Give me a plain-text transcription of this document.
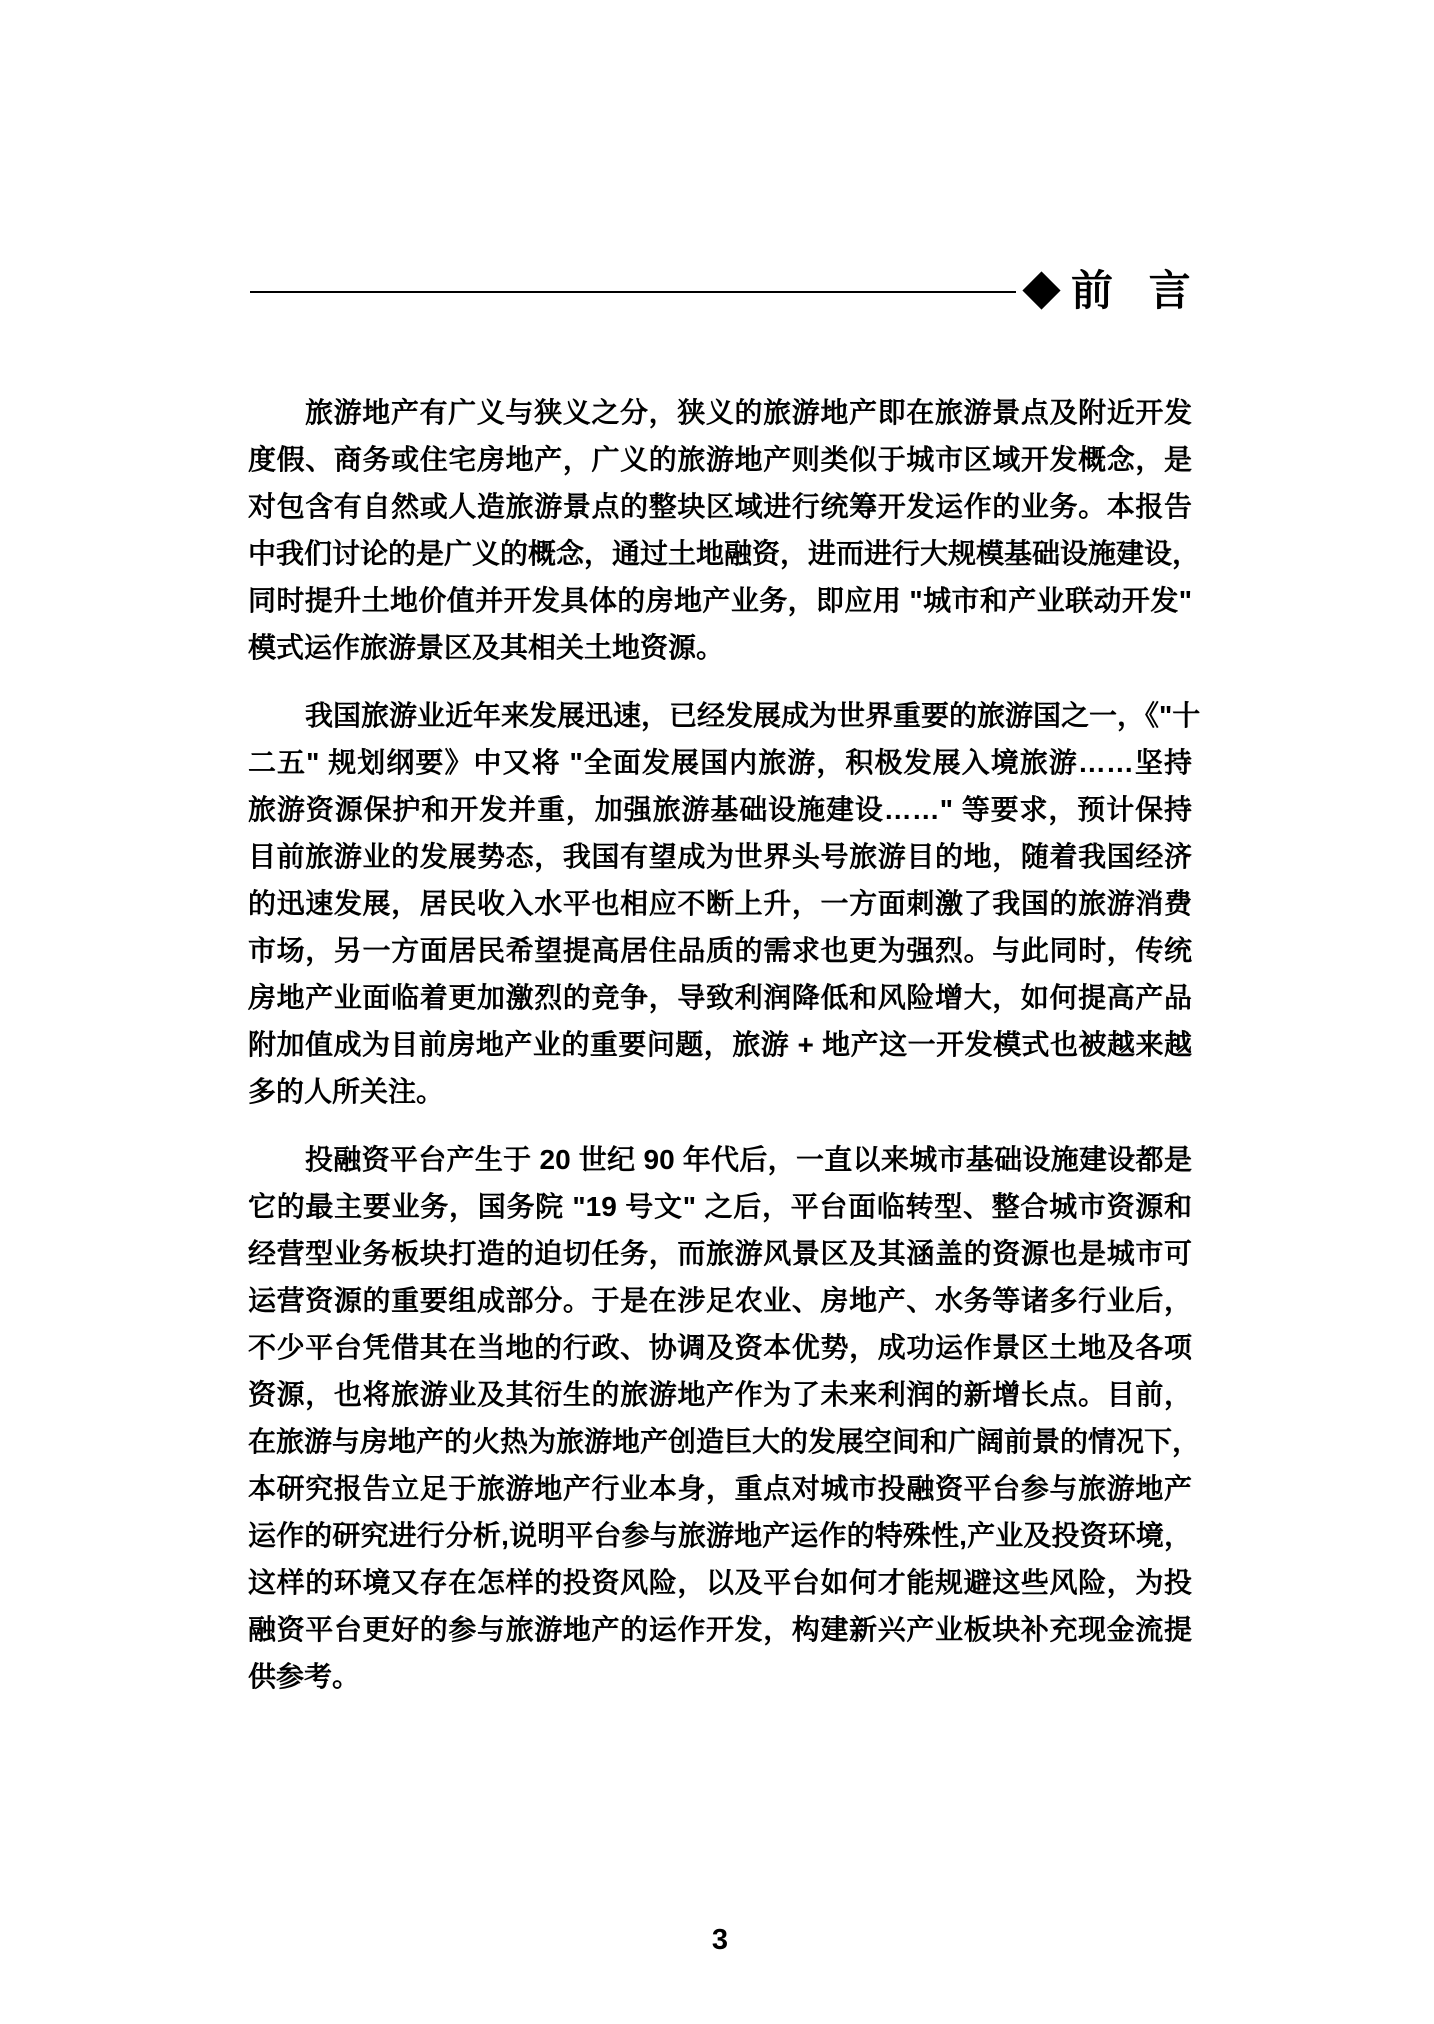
前 言
旅游地产有广义与狭义之分，狭义的旅游地产即在旅游景点及附近开发
度假、商务或住宅房地产，广义的旅游地产则类似于城市区域开发概念，是
对包含有自然或人造旅游景点的整块区域进行统筹开发运作的业务。本报告
中我们讨论的是广义的概念，通过土地融资，进而进行大规模基础设施建设，
同时提升土地价值并开发具体的房地产业务，即应用 "城市和产业联动开发"
模式运作旅游景区及其相关土地资源。
我国旅游业近年来发展迅速，已经发展成为世界重要的旅游国之一，《"十
二五" 规划纲要》中又将 "全面发展国内旅游，积极发展入境旅游……坚持
旅游资源保护和开发并重，加强旅游基础设施建设……" 等要求，预计保持
目前旅游业的发展势态，我国有望成为世界头号旅游目的地，随着我国经济
的迅速发展，居民收入水平也相应不断上升，一方面刺激了我国的旅游消费
市场，另一方面居民希望提高居住品质的需求也更为强烈。与此同时，传统
房地产业面临着更加激烈的竞争，导致利润降低和风险增大，如何提高产品
附加值成为目前房地产业的重要问题，旅游 + 地产这一开发模式也被越来越
多的人所关注。
投融资平台产生于 20 世纪 90 年代后，一直以来城市基础设施建设都是
它的最主要业务，国务院 "19 号文" 之后，平台面临转型、整合城市资源和
经营型业务板块打造的迫切任务，而旅游风景区及其涵盖的资源也是城市可
运营资源的重要组成部分。于是在涉足农业、房地产、水务等诸多行业后，
不少平台凭借其在当地的行政、协调及资本优势，成功运作景区土地及各项
资源，也将旅游业及其衍生的旅游地产作为了未来利润的新增长点。目前，
在旅游与房地产的火热为旅游地产创造巨大的发展空间和广阔前景的情况下，
本研究报告立足于旅游地产行业本身，重点对城市投融资平台参与旅游地产
运作的研究进行分析,说明平台参与旅游地产运作的特殊性,产业及投资环境，
这样的环境又存在怎样的投资风险，以及平台如何才能规避这些风险，为投
融资平台更好的参与旅游地产的运作开发，构建新兴产业板块补充现金流提
供参考。
3
